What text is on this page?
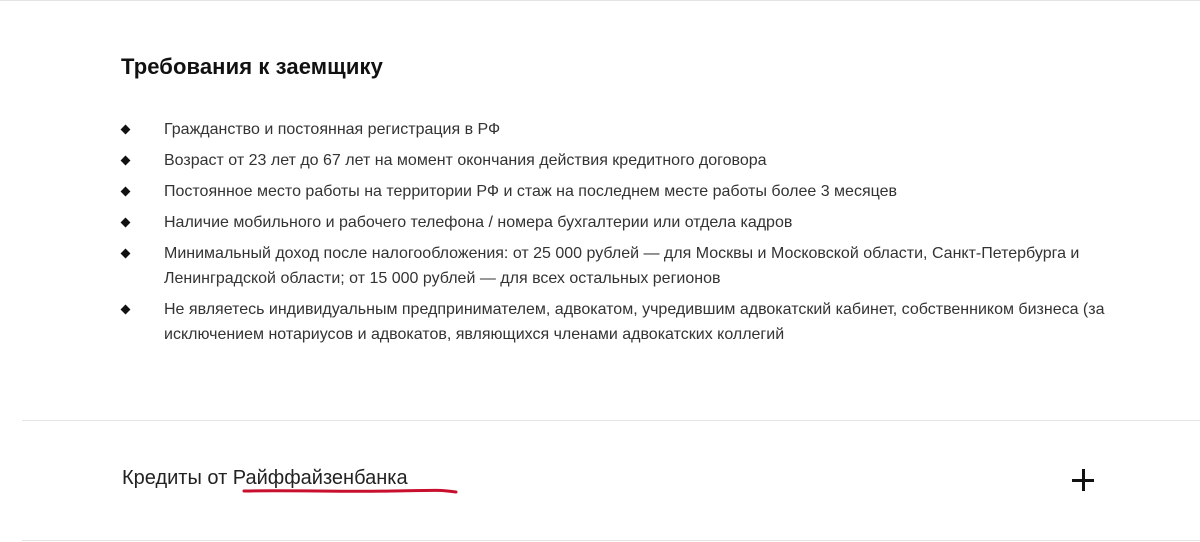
Требования к заемщику
Гражданство и постоянная регистрация в РФ
Возраст от 23 лет до 67 лет на момент окончания действия кредитного договора
Постоянное место работы на территории РФ и стаж на последнем месте работы более 3 месяцев
Наличие мобильного и рабочего телефона / номера бухгалтерии или отдела кадров
Минимальный доход после налогообложения: от 25 000 рублей — для Москвы и Московской области, Санкт-Петербурга и Ленинградской области; от 15 000 рублей — для всех остальных регионов
Не являетесь индивидуальным предпринимателем, адвокатом, учредившим адвокатский кабинет, собственником бизнеса (за исключением нотариусов и адвокатов, являющихся членами адвокатских коллегий
Кредиты от Райффайзенбанка
